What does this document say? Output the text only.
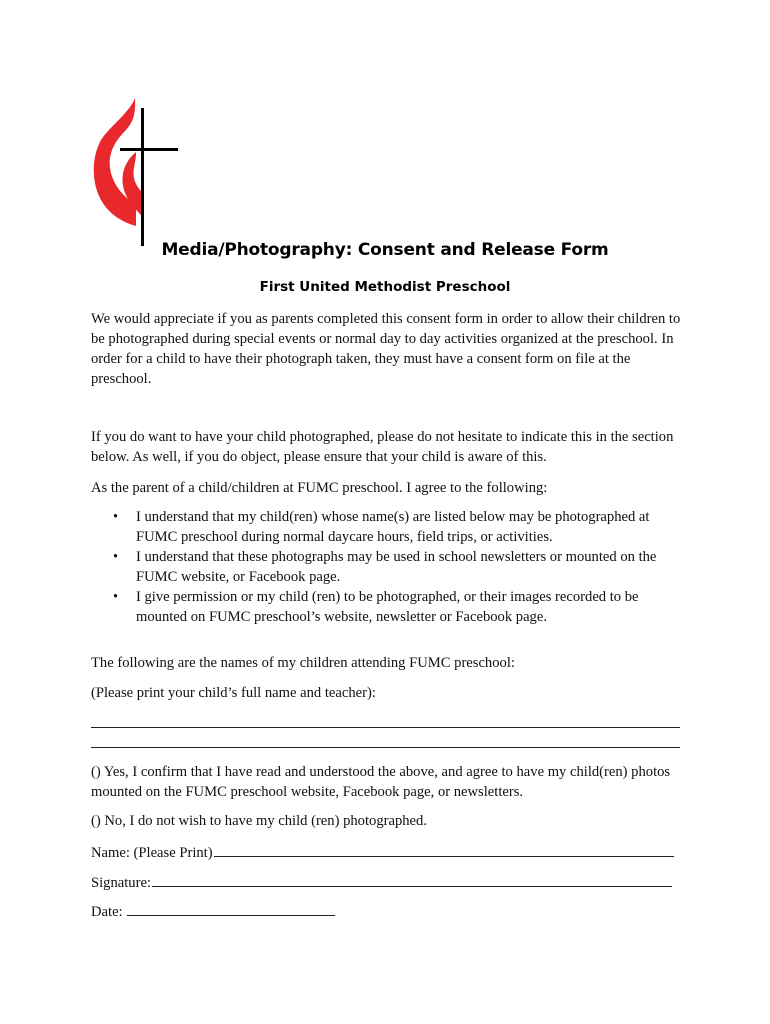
Media/Photography: Consent and Release Form
First United Methodist Preschool

We would appreciate if you as parents completed this consent form in order to allow their children to be photographed during special events or normal day to day activities organized at the preschool. In order for a child to have their photograph taken, they must have a consent form on file at the preschool.

If you do want to have your child photographed, please do not hesitate to indicate this in the section below. As well, if you do object, please ensure that your child is aware of this.

As the parent of a child/children at FUMC preschool. I agree to the following:

• I understand that my child(ren) whose name(s) are listed below may be photographed at FUMC preschool during normal daycare hours, field trips, or activities.
• I understand that these photographs may be used in school newsletters or mounted on the FUMC website, or Facebook page.
• I give permission or my child (ren) to be photographed, or their images recorded to be mounted on FUMC preschool’s website, newsletter or Facebook page.

The following are the names of my children attending FUMC preschool:

(Please print your child’s full name and teacher):

() Yes, I confirm that I have read and understood the above, and agree to have my child(ren) photos mounted on the FUMC preschool website, Facebook page, or newsletters.

() No, I do not wish to have my child (ren) photographed.

Name: (Please Print)
Signature:
Date:
